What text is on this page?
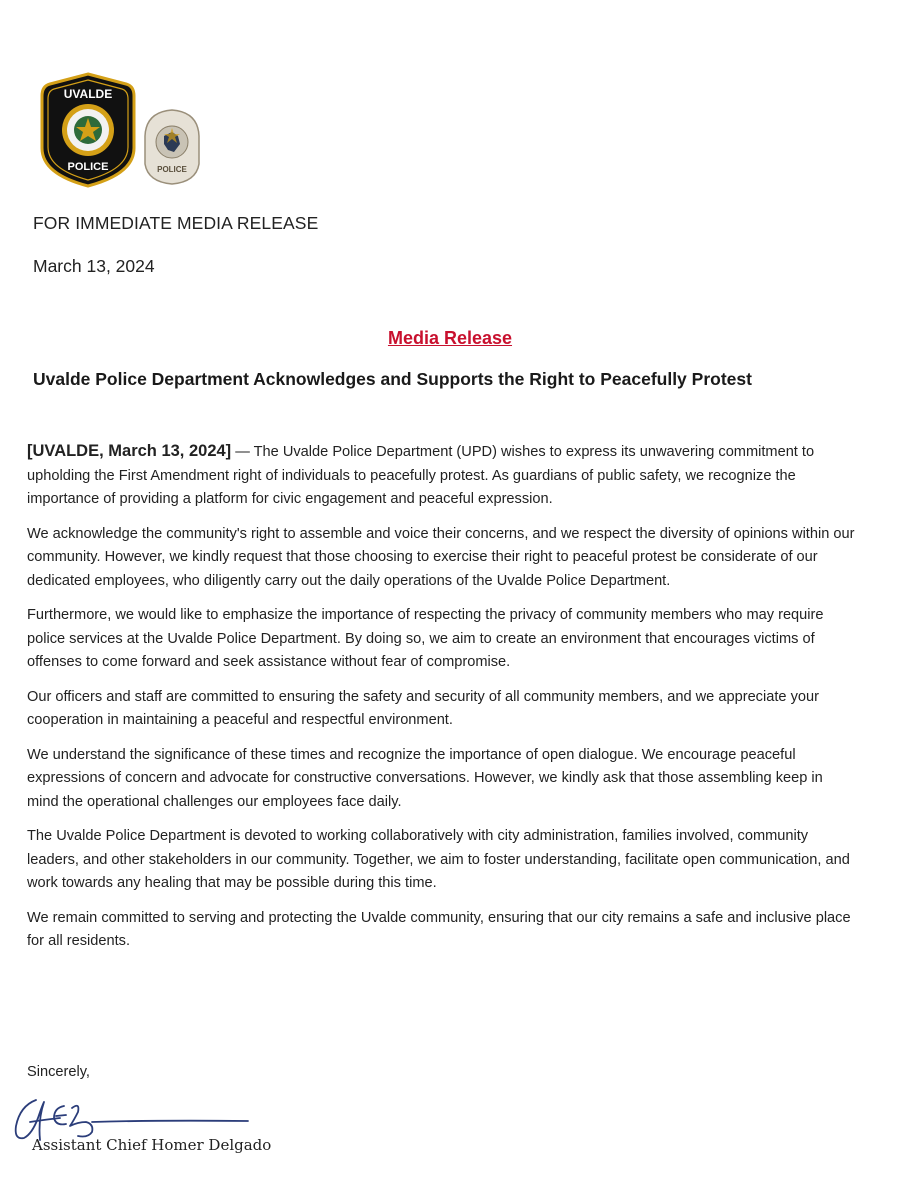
UVALDE
POLICE	POLICE
FOR IMMEDIATE MEDIA RELEASE
March 13, 2024
Media Release
Uvalde Police Department Acknowledges and Supports the Right to Peacefully Protest

[UVALDE, March 13, 2024] — The Uvalde Police Department (UPD) wishes to express its unwavering commitment to upholding the First Amendment right of individuals to peacefully protest. As guardians of public safety, we recognize the importance of providing a platform for civic engagement and peaceful expression.

We acknowledge the community's right to assemble and voice their concerns, and we respect the diversity of opinions within our community. However, we kindly request that those choosing to exercise their right to peaceful protest be considerate of our dedicated employees, who diligently carry out the daily operations of the Uvalde Police Department.

Furthermore, we would like to emphasize the importance of respecting the privacy of community members who may require police services at the Uvalde Police Department. By doing so, we aim to create an environment that encourages victims of offenses to come forward and seek assistance without fear of compromise.

Our officers and staff are committed to ensuring the safety and security of all community members, and we appreciate your cooperation in maintaining a peaceful and respectful environment.

We understand the significance of these times and recognize the importance of open dialogue. We encourage peaceful expressions of concern and advocate for constructive conversations. However, we kindly ask that those assembling keep in mind the operational challenges our employees face daily.

The Uvalde Police Department is devoted to working collaboratively with city administration, families involved, community leaders, and other stakeholders in our community. Together, we aim to foster understanding, facilitate open communication, and work towards any healing that may be possible during this time.

We remain committed to serving and protecting the Uvalde community, ensuring that our city remains a safe and inclusive place for all residents.

Sincerely,
Assistant Chief Homer Delgado
